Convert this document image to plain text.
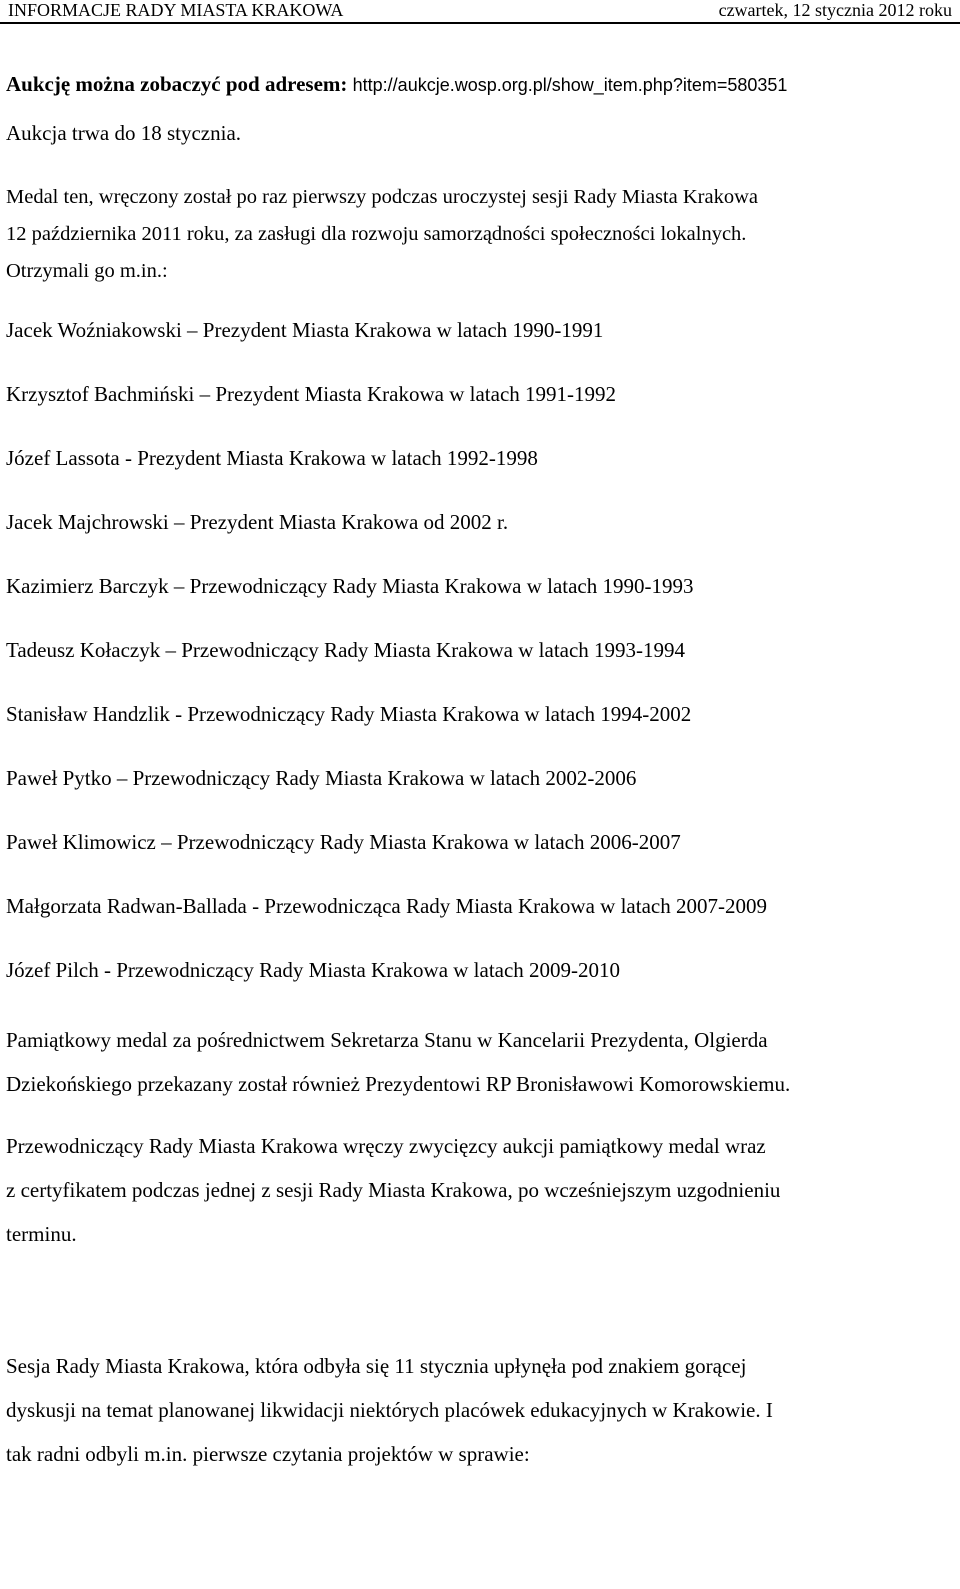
INFORMACJE RADY MIASTA KRAKOWA	czwartek, 12 stycznia 2012 roku

Aukcję można zobaczyć pod adresem: http://aukcje.wosp.org.pl/show_item.php?item=580351

Aukcja trwa do 18 stycznia.

Medal ten, wręczony został po raz pierwszy podczas uroczystej sesji Rady Miasta Krakowa

12 października 2011 roku, za zasługi dla rozwoju samorządności społeczności lokalnych.

Otrzymali go m.in.:

Jacek Woźniakowski – Prezydent Miasta Krakowa w latach 1990-1991

Krzysztof Bachmiński – Prezydent Miasta Krakowa w latach 1991-1992

Józef Lassota - Prezydent Miasta Krakowa w latach 1992-1998

Jacek Majchrowski – Prezydent Miasta Krakowa od 2002 r.

Kazimierz Barczyk – Przewodniczący Rady Miasta Krakowa w latach 1990-1993

Tadeusz Kołaczyk – Przewodniczący Rady Miasta Krakowa w latach 1993-1994

Stanisław Handzlik - Przewodniczący Rady Miasta Krakowa w latach 1994-2002

Paweł Pytko – Przewodniczący Rady Miasta Krakowa w latach 2002-2006

Paweł Klimowicz – Przewodniczący Rady Miasta Krakowa w latach 2006-2007

Małgorzata Radwan-Ballada - Przewodnicząca Rady Miasta Krakowa w latach 2007-2009

Józef Pilch - Przewodniczący Rady Miasta Krakowa w latach 2009-2010

Pamiątkowy medal za pośrednictwem Sekretarza Stanu w Kancelarii Prezydenta, Olgierda

Dziekońskiego przekazany został również Prezydentowi RP Bronisławowi Komorowskiemu.

Przewodniczący Rady Miasta Krakowa wręczy zwycięzcy aukcji pamiątkowy medal wraz

z certyfikatem podczas jednej z sesji Rady Miasta Krakowa, po wcześniejszym uzgodnieniu

terminu.

Sesja Rady Miasta Krakowa, która odbyła się 11 stycznia upłynęła pod znakiem gorącej

dyskusji na temat planowanej likwidacji niektórych placówek edukacyjnych w Krakowie. I

tak radni odbyli m.in. pierwsze czytania projektów w sprawie:
